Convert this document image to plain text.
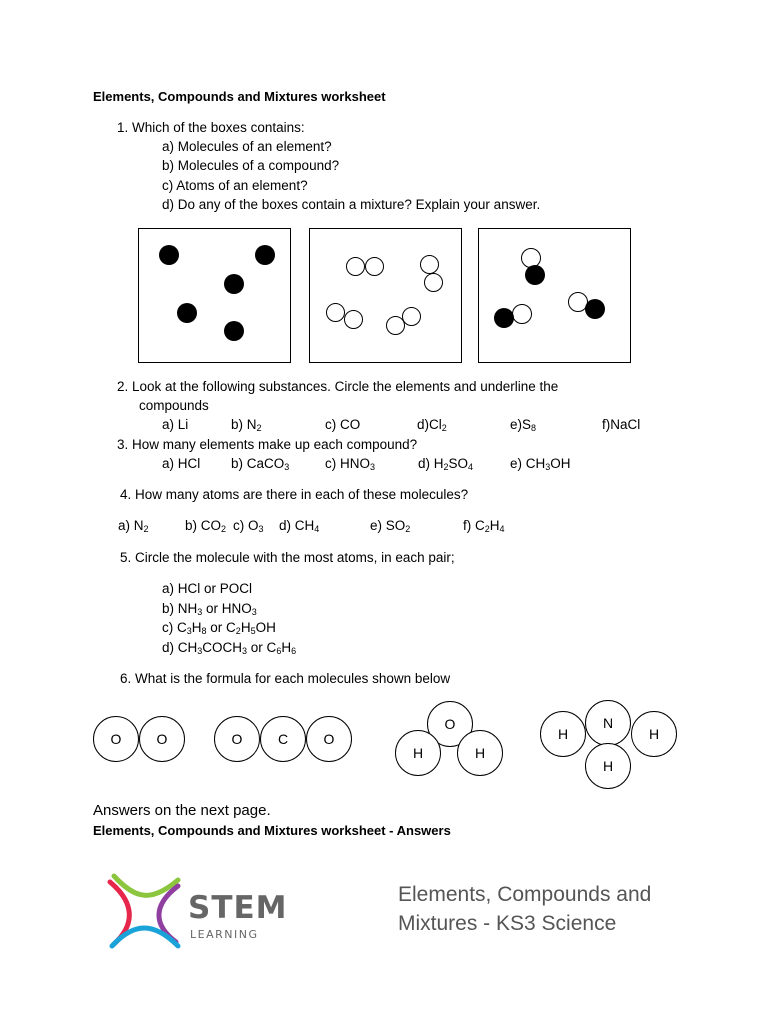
Elements, Compounds and Mixtures worksheet
1. Which of the boxes contains:
a) Molecules of an element?
b) Molecules of a compound?
c) Atoms of an element?
d) Do any of the boxes contain a mixture? Explain your answer.
2. Look at the following substances. Circle the elements and underline the
compounds
a) Li	b) $N_2$	c) CO	$d)Cl_2$	$e)S_8$	f)NaCl
3. How many elements make up each compound?
a) HCl b) CaCO$_3$	c) $HNO_3$	d) $H_2SO_4$	e) $CH_3OH$
4. How many atoms are there in each of these molecules?
a) $N_2$	b) $CO_2$ c) $O_3$ d) $CH_4$	e) $SO_2$	f) $C_2H_4$
5. Circle the molecule with the most atoms, in each pair;
a) HCl or POCl
b) $NH_3$ or $HNO_3$
c) $C_3H_8$ or $C_2H_5OH$
d) $CH_3COCH_3$ or $C_6H_6$
6. What is the formula for each molecules shown below
O	O	O	C	O
O
H	H
H
N
H
H
Answers on the next page.
Elements, Compounds and Mixtures worksheet - Answers
STEM
LEARNING
Elements, Compounds and
Mixtures - KS3 Science
